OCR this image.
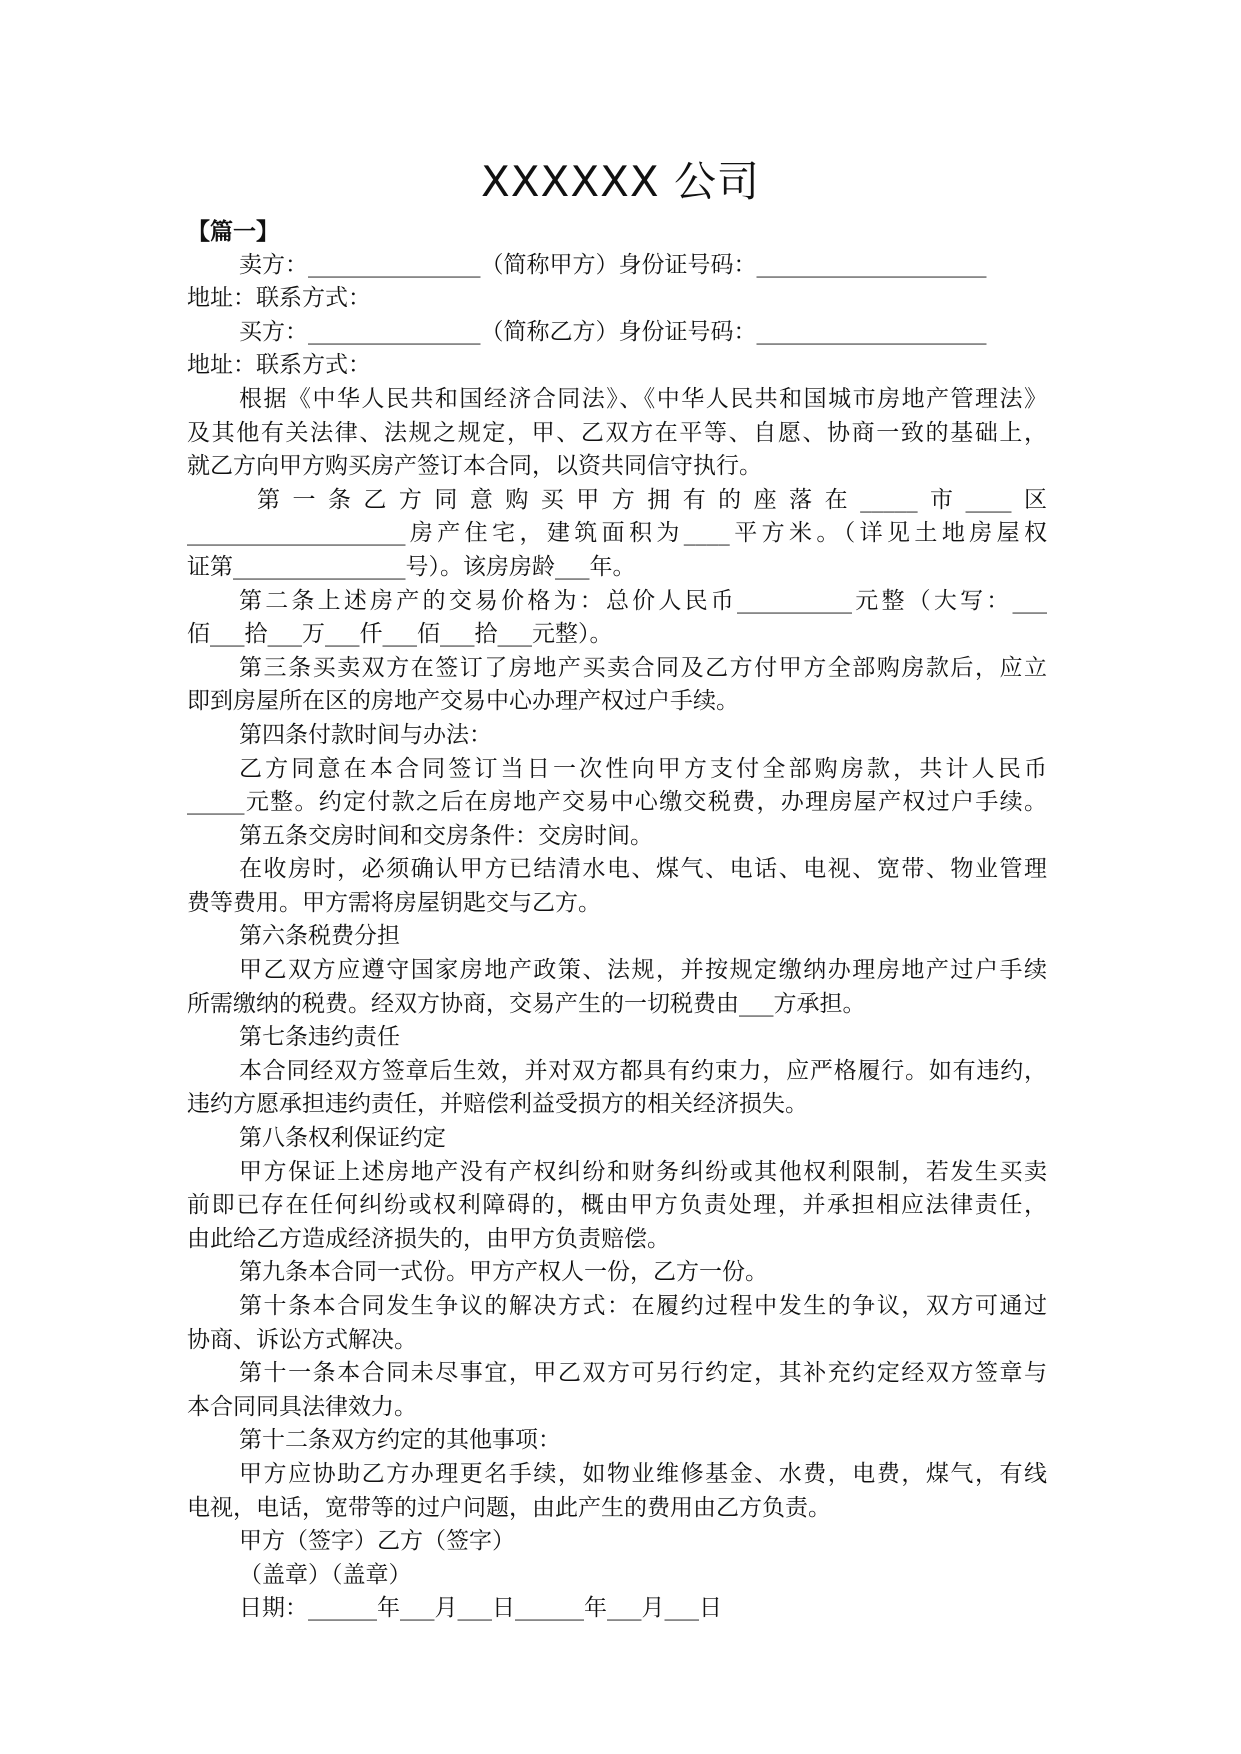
XXXXXX 公司
【篇一】
卖方：_______________（简称甲方）身份证号码：____________________
地址：联系方式：
买方：_______________（简称乙方）身份证号码：____________________
地址：联系方式：
根据《中华人民共和国经济合同法》、《中华人民共和国城市房地产管理法》
及其他有关法律、法规之规定，甲、乙双方在平等、自愿、协商一致的基础上，
就乙方向甲方购买房产签订本合同，以资共同信守执行。
第一条乙方同意购买甲方拥有的座落在_____市____区
___________________房产住宅，建筑面积为____平方米。（详见土地房屋权
证第_______________号）。该房房龄___年。
第二条上述房产的交易价格为：总价人民币__________元整（大写：___
佰___拾___万___仟___佰___拾___元整）。
第三条买卖双方在签订了房地产买卖合同及乙方付甲方全部购房款后，应立
即到房屋所在区的房地产交易中心办理产权过户手续。
第四条付款时间与办法：
乙方同意在本合同签订当日一次性向甲方支付全部购房款，共计人民币
_____元整。约定付款之后在房地产交易中心缴交税费，办理房屋产权过户手续。
第五条交房时间和交房条件：交房时间。
在收房时，必须确认甲方已结清水电、煤气、电话、电视、宽带、物业管理
费等费用。甲方需将房屋钥匙交与乙方。
第六条税费分担
甲乙双方应遵守国家房地产政策、法规，并按规定缴纳办理房地产过户手续
所需缴纳的税费。经双方协商，交易产生的一切税费由___方承担。
第七条违约责任
本合同经双方签章后生效，并对双方都具有约束力，应严格履行。如有违约，
违约方愿承担违约责任，并赔偿利益受损方的相关经济损失。
第八条权利保证约定
甲方保证上述房地产没有产权纠纷和财务纠纷或其他权利限制，若发生买卖
前即已存在任何纠纷或权利障碍的，概由甲方负责处理，并承担相应法律责任，
由此给乙方造成经济损失的，由甲方负责赔偿。
第九条本合同一式份。甲方产权人一份，乙方一份。
第十条本合同发生争议的解决方式：在履约过程中发生的争议，双方可通过
协商、诉讼方式解决。
第十一条本合同未尽事宜，甲乙双方可另行约定，其补充约定经双方签章与
本合同同具法律效力。
第十二条双方约定的其他事项：
甲方应协助乙方办理更名手续，如物业维修基金、水费，电费，煤气，有线
电视，电话，宽带等的过户问题，由此产生的费用由乙方负责。
甲方（签字）乙方（签字）
（盖章）（盖章）
日期：______年___月___日______年___月___日
